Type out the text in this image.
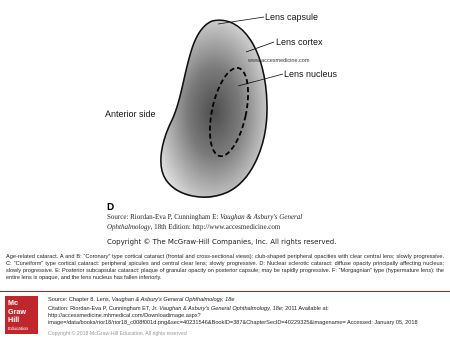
Lens capsule
Lens cortex
www.accesmedicine.com
Lens nucleus
Anterior side
D
Source: Riordan-Eva P, Cunningham E: Vaughan & Asbury's General
Ophthalmology, 18th Edition: http://www.accesmedicine.com
Copyright © The McGraw-Hill Companies, Inc. All rights reserved.
Age-related cataract. A and B: “Coronary” type cortical cataract (frontal and cross-sectional views): club-shaped peripheral opacities with clear central lens; slowly progressive. C: “Cuneiform” type cortical cataract: peripheral spicules and central clear lens; slowly progressive. D: Nuclear sclerotic cataract: diffuse opacity principally affecting nucleus; slowly progressive. E: Posterior subcapsular cataract: plaque of granular opacity on posterior capsule; may be rapidly progressive. F: “Morgagnian” type (hypermature lens): the entire lens is opaque, and the lens nucleus has fallen inferiorly.
Mc
Graw
Hill
Education
Source: Chapter 8. Lens, Vaughan & Asbury's General Ophthalmology, 18e
Citation: Riordan-Eva P, Cunningham ET, Jr. Vaughan & Asbury's General Ophthalmology, 18e; 2011 Available at: http://accessmedicine.mhmedical.com/Downloadimage.aspx?image=/data/books/rior18/rior18_c008f001d.png&sec=40231546&BookID=387&ChapterSecID=40229325&imagename= Accessed: January 05, 2018
Copyright © 2018 McGraw-Hill Education. All rights reserved
